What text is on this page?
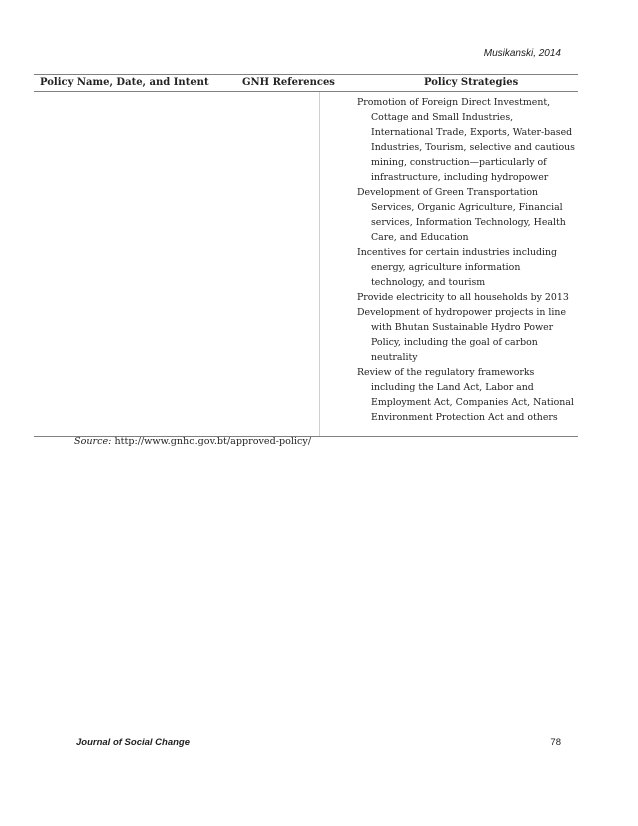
Musikanski, 2014
Policy Name, Date, and Intent	GNH References	Policy Strategies
Promotion of Foreign Direct Investment, Cottage and Small Industries, International Trade, Exports, Water-based Industries, Tourism, selective and cautious mining, construction—particularly of infrastructure, including hydropower
Development of Green Transportation Services, Organic Agriculture, Financial services, Information Technology, Health Care, and Education
Incentives for certain industries including energy, agriculture information technology, and tourism
Provide electricity to all households by 2013
Development of hydropower projects in line with Bhutan Sustainable Hydro Power Policy, including the goal of carbon neutrality
Review of the regulatory frameworks including the Land Act, Labor and Employment Act, Companies Act, National Environment Protection Act and others
Source: http://www.gnhc.gov.bt/approved-policy/
Journal of Social Change	78
